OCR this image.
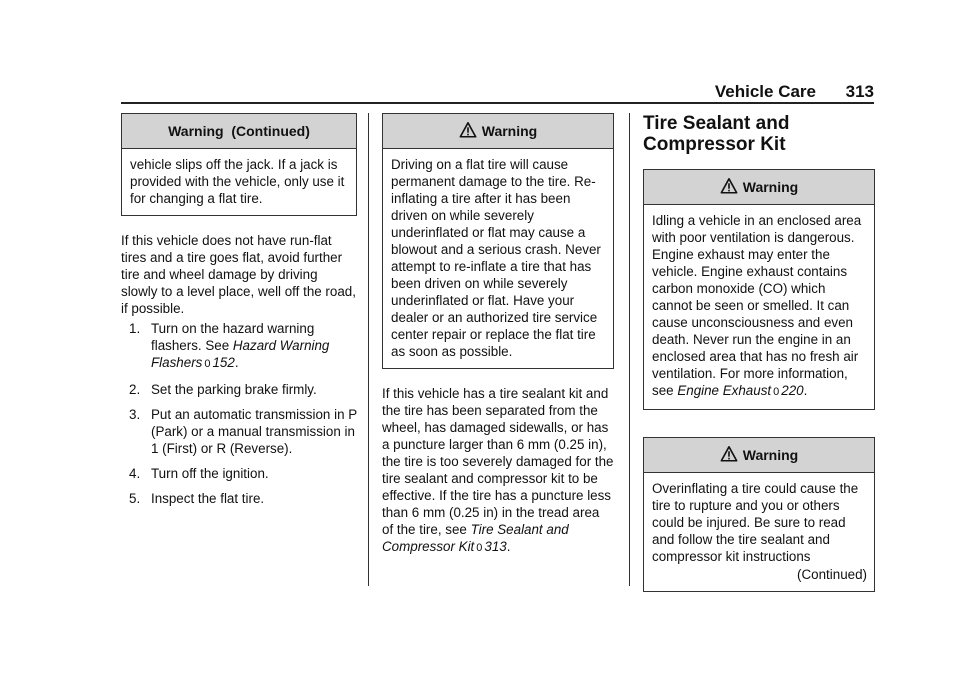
Vehicle Care 313
Warning  (Continued)
vehicle slips off the jack. If a jack is provided with the vehicle, only use it for changing a flat tire.

If this vehicle does not have run-flat tires and a tire goes flat, avoid further tire and wheel damage by driving slowly to a level place, well off the road, if possible.

1. Turn on the hazard warning flashers. See Hazard Warning Flashers 0 152.
2. Set the parking brake firmly.
3. Put an automatic transmission in P (Park) or a manual transmission in 1 (First) or R (Reverse).
4. Turn off the ignition.
5. Inspect the flat tire.
Warning
Driving on a flat tire will cause permanent damage to the tire. Re-inflating a tire after it has been driven on while severely underinflated or flat may cause a blowout and a serious crash. Never attempt to re-inflate a tire that has been driven on while severely underinflated or flat. Have your dealer or an authorized tire service center repair or replace the flat tire as soon as possible.

If this vehicle has a tire sealant kit and the tire has been separated from the wheel, has damaged sidewalls, or has a puncture larger than 6 mm (0.25 in), the tire is too severely damaged for the tire sealant and compressor kit to be effective. If the tire has a puncture less than 6 mm (0.25 in) in the tread area of the tire, see Tire Sealant and Compressor Kit 0 313.

Tire Sealant and
Compressor Kit
Warning
Idling a vehicle in an enclosed area with poor ventilation is dangerous. Engine exhaust may enter the vehicle. Engine exhaust contains carbon monoxide (CO) which cannot be seen or smelled. It can cause unconsciousness and even death. Never run the engine in an enclosed area that has no fresh air ventilation. For more information, see Engine Exhaust 0 220.
Warning
Overinflating a tire could cause the tire to rupture and you or others could be injured. Be sure to read and follow the tire sealant and compressor kit instructions
(Continued)
